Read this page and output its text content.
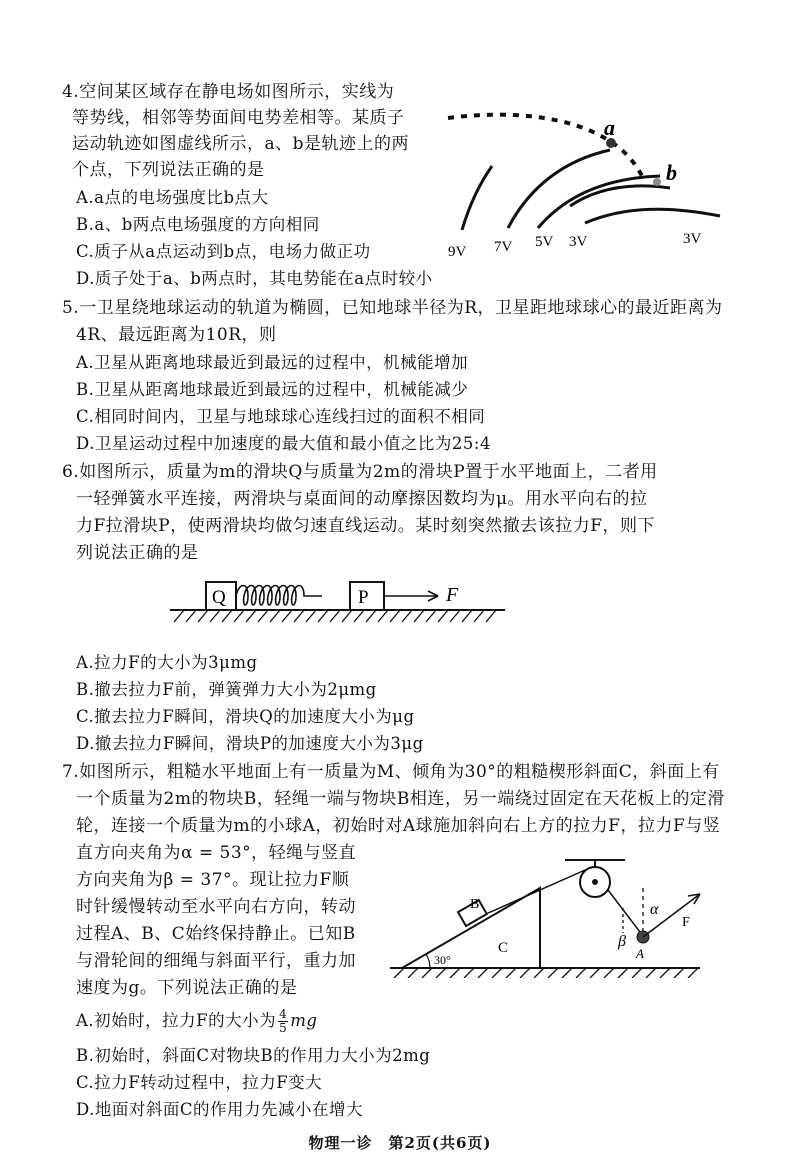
4.空间某区域存在静电场如图所示，实线为
等势线，相邻等势面间电势差相等。某质子
运动轨迹如图虚线所示，a、b是轨迹上的两
个点，下列说法正确的是
A.a点的电场强度比b点大
B.a、b两点电场强度的方向相同
C.质子从a点运动到b点，电场力做正功
D.质子处于a、b两点时，其电势能在a点时较小
a
b
9V 7V 5V 3V	3V
5.一卫星绕地球运动的轨道为椭圆，已知地球半径为R，卫星距地球球心的最近距离为
4R、最远距离为10R，则
A.卫星从距离地球最近到最远的过程中，机械能增加
B.卫星从距离地球最近到最远的过程中，机械能减少
C.相同时间内，卫星与地球球心连线扫过的面积不相同
D.卫星运动过程中加速度的最大值和最小值之比为25:4
6.如图所示，质量为m的滑块Q与质量为2m的滑块P置于水平地面上，二者用
一轻弹簧水平连接，两滑块与桌面间的动摩擦因数均为μ。用水平向右的拉
力F拉滑块P，使两滑块均做匀速直线运动。某时刻突然撤去该拉力F，则下
列说法正确的是
Q	P	F
A.拉力F的大小为3μmg
B.撤去拉力F前，弹簧弹力大小为2μmg
C.撤去拉力F瞬间，滑块Q的加速度大小为μg
D.撤去拉力F瞬间，滑块P的加速度大小为3μg
7.如图所示，粗糙水平地面上有一质量为M、倾角为30°的粗糙楔形斜面C，斜面上有
一个质量为2m的物块B，轻绳一端与物块B相连，另一端绕过固定在天花板上的定滑
轮，连接一个质量为m的小球A，初始时对A球施加斜向右上方的拉力F，拉力F与竖
直方向夹角为α = 53°，轻绳与竖直
方向夹角为β = 37°。现让拉力F顺
时针缓慢转动至水平向右方向，转动
过程A、B、C始终保持静止。已知B
与滑轮间的细绳与斜面平行，重力加
速度为g。下列说法正确的是
A.初始时，拉力F的大小为 $\frac{4}{5}$ mg
B.初始时，斜面C对物块B的作用力大小为2mg
C.拉力F转动过程中，拉力F变大
D.地面对斜面C的作用力先减小在增大
30°
C
B
A
β
α
F
物理一诊　第2页(共6页)
